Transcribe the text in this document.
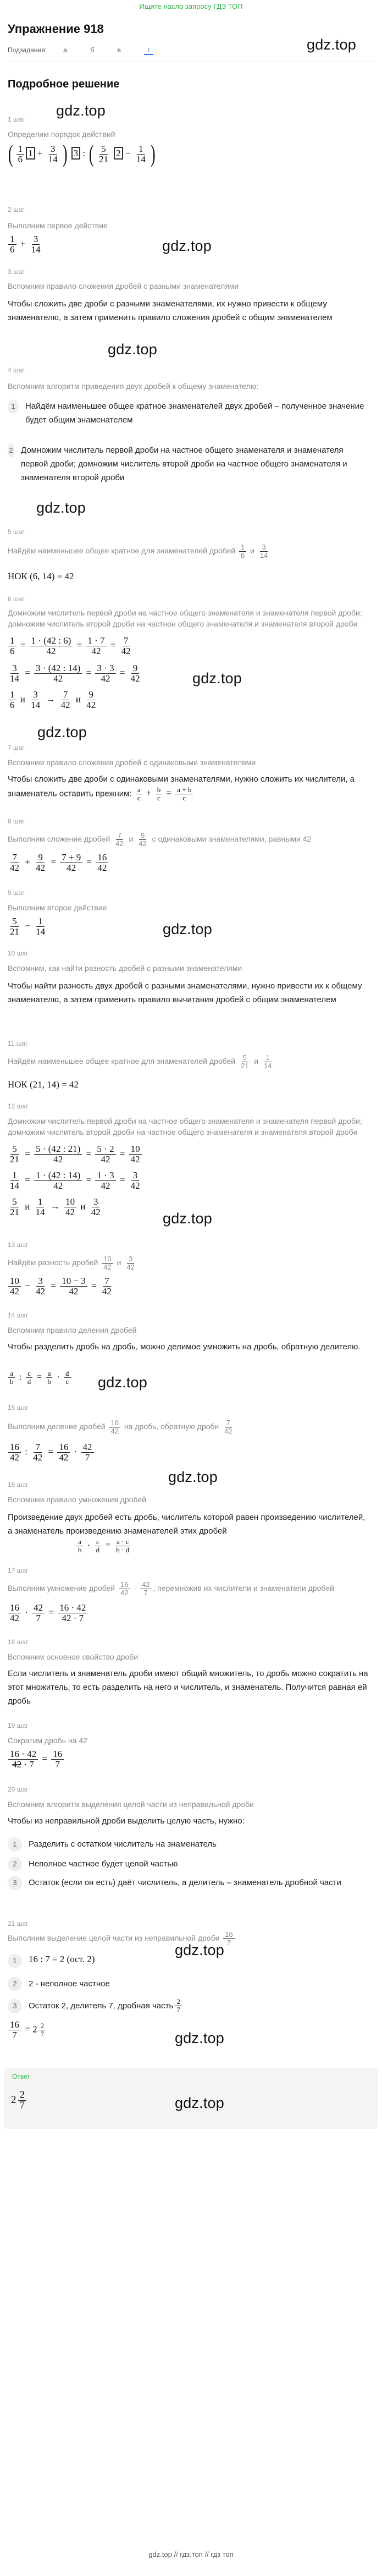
Ищите насло запросу ГДЗ ТОП
Упражнение 918
Подзадания:	а	б	в	г	gdz.top
Подробное решение
gdz.top
1 шаг
Определим порядок действий
( $\frac{1}{6} 1 + \frac{3}{14}$ ) 3 : ( $\frac{5}{21} 2 - \frac{1}{14}$ )
2 шаг
Выполним первое действие
$\frac{1}{6} + \frac{3}{14}$	gdz.top
3 шаг
Вспомним правило сложения дробей с разными знаменателями
Чтобы сложить две дроби с разными знаменателями, их нужно привести к общему знаменателю, а затем применить правило сложения дробей с общим знаменателем
gdz.top
4 шаг
Вспомним алгоритм приведения двух дробей к общему знаменателю:
1	Найдём наименьшее общее кратное знаменателей двух дробей – полученное значение будет общим знаменателем
2 Домножим числитель первой дроби на частное общего знаменателя и знаменателя первой дроби; домножим числитель второй дроби на частное общего знаменателя и знаменателя второй дроби
gdz.top
5 шаг
Найдём наименьшее общее кратное для знаменателей дробей $\frac{1}{6}$ и $\frac{3}{14}$
НОК (6, 14) = 42
6 шаг
Домножим числитель первой дроби на частное общего знаменателя и знаменателя первой дроби; домножим числитель второй дроби на частное общего знаменателя и знаменателя второй дроби
$\frac{1}{6} = \frac{1 \cdot (42 : 6)}{42} = \frac{1 \cdot 7}{42} = \frac{7}{42}$
$\frac{3}{14} = \frac{3 \cdot (42 : 14)}{42} = \frac{3 \cdot 3}{42} = \frac{9}{42}$	gdz.top
$\frac{1}{6}$ и $\frac{3}{14} \to \frac{7}{42}$ и $\frac{9}{42}$
gdz.top
7 шаг
Вспомним правило сложения дробей с одинаковыми знаменателями
Чтобы сложить две дроби с одинаковыми знаменателями, нужно сложить их числители, а знаменатель оставить прежним: $\frac{a}{c} + \frac{b}{c} = \frac{a + b}{c}$
8 шаг
Выполним сложение дробей $\frac{7}{42}$ и $\frac{9}{42}$ с одинаковыми знаменателями, равными 42
$\frac{7}{42} + \frac{9}{42} = \frac{7 + 9}{42} = \frac{16}{42}$
9 шаг
Выполним второе действие
$\frac{5}{21} - \frac{1}{14}$	gdz.top
10 шаг
Вспомним, как найти разность дробей с разными знаменателями
Чтобы найти разность двух дробей с разными знаменателями, нужно привести их к общему знаменателю, а затем применить правило вычитания дробей с общим знаменателем
11 шаг
Найдём наименьшее общее кратное для знаменателей дробей $\frac{5}{21}$ и $\frac{1}{14}$
НОК (21, 14) = 42
12 шаг
Домножим числитель первой дроби на частное общего знаменателя и знаменателя первой дроби; домножим числитель второй дроби на частное общего знаменателя и знаменателя второй дроби
$\frac{5}{21} = \frac{5 \cdot (42 : 21)}{42} = \frac{5 \cdot 2}{42} = \frac{10}{42}$
$\frac{1}{14} = \frac{1 \cdot (42 : 14)}{42} = \frac{1 \cdot 3}{42} = \frac{3}{42}$
$\frac{5}{21}$ и $\frac{1}{14} \to \frac{10}{42}$ и $\frac{3}{42}$
gdz.top
13 шаг
Найдём разность дробей $\frac{10}{42}$ и $\frac{3}{42}$
$\frac{10}{42} - \frac{3}{42} = \frac{10 - 3}{42} = \frac{7}{42}$
14 шаг
Вспомним правило деления дробей
Чтобы разделить дробь на дробь, можно делимое умножить на дробь, обратную делителю.
$\frac{a}{b}$ : $\frac{c}{d} = \frac{a}{b} \cdot \frac{d}{c} gdz.top$
15 шаг
Выполним деление дробей $\frac{16}{42}$ на дробь, обратную дроби $\frac{7}{42}$
$\frac{16}{42}$ : $\frac{7}{42} = \frac{16}{42} \cdot \frac{42}{7}$
gdz.top
16 шаг
Вспомним правило умножения дробей
Произведение двух дробей есть дробь, числитель которой равен произведению числителей, а знаменатель произведению знаменателей этих дробей
$\frac{a}{b} \cdot \frac{c}{d} = \frac{a \cdot c}{b \cdot d}$
17 шаг
Выполним умножение дробей $\frac{16}{42} \cdot \frac{42}{7}$ , перемножив их числители и знаменатели дробей
$\frac{16}{42} \cdot \frac{42}{7} = \frac{16 \cdot 42}{42 \cdot 7}$
18 шаг
Вспомним основное свойство дроби
Если числитель и знаменатель дроби имеют общий множитель, то дробь можно сократить на этот множитель, то есть разделить на него и числитель, и знаменатель. Получится равная ей дробь
19 шаг
Сократим дробь на 42
$\frac{16 \cdot 42}{42 \cdot 7} = \frac{16}{7}$
20 шаг
Вспомним алгоритм выделения целой части из неправильной дроби
Чтобы из неправильной дроби выделить целую часть, нужно:
1	Разделить с остатком числитель на знаменатель
2	Неполное частное будет целой частью
3	Остаток (если он есть) даёт числитель, а делитель – знаменатель дробной части
21 шаг
Выполним выделение целой части из неправильной дроби $\frac{16}{7}$
gdz.top
1	16 : 7 = 2 (ост. 2)
2	2 - неполное частное
3	Остаток 2, делитель 7, дробная часть $\frac{2}{7}$
$\frac{16}{7} = 2 \frac{2}{7}$	gdz.top
Ответ
$2 \frac{2}{7}$	gdz.top
gdz.top // гдз.топ // гдз топ
